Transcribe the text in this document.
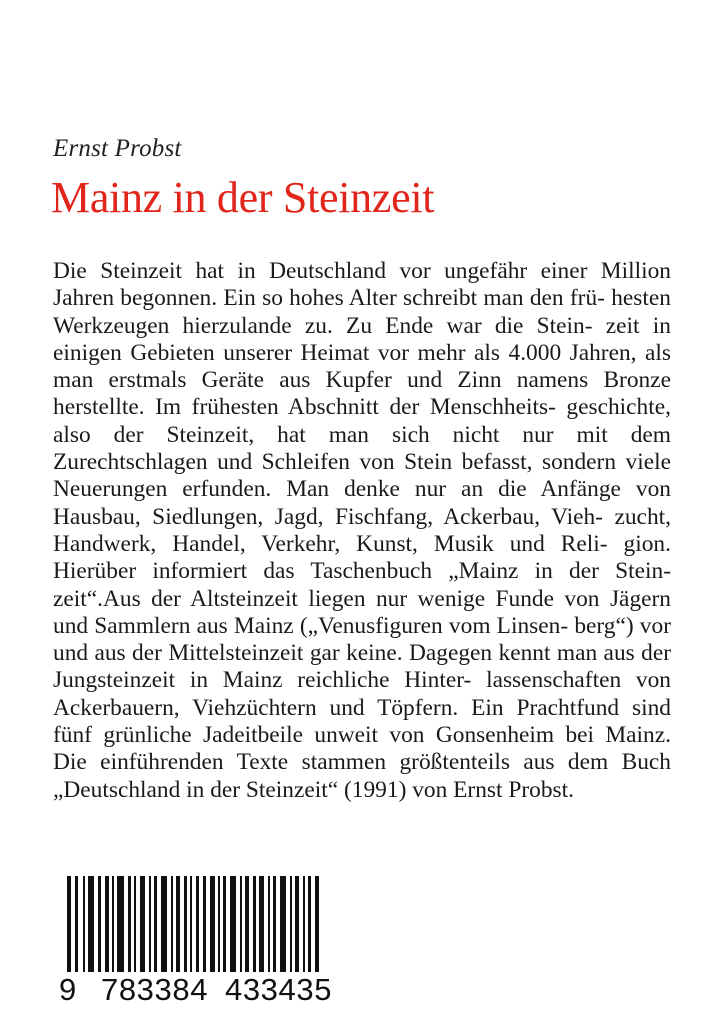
Ernst Probst
Mainz in der Steinzeit

Die Steinzeit hat in Deutschland vor ungefähr einer Million Jahren begonnen. Ein so hohes Alter schreibt man den frü- hesten Werkzeugen hierzulande zu. Zu Ende war die Stein- zeit in einigen Gebieten unserer Heimat vor mehr als 4.000 Jahren, als man erstmals Geräte aus Kupfer und Zinn namens Bronze herstellte. Im frühesten Abschnitt der Menschheits- geschichte, also der Steinzeit, hat man sich nicht nur mit dem Zurechtschlagen und Schleifen von Stein befasst, sondern viele Neuerungen erfunden. Man denke nur an die Anfänge von Hausbau, Siedlungen, Jagd, Fischfang, Ackerbau, Vieh- zucht, Handwerk, Handel, Verkehr, Kunst, Musik und Reli- gion. Hierüber informiert das Taschenbuch „Mainz in der Stein-zeit“.Aus der Altsteinzeit liegen nur wenige Funde von Jägern und Sammlern aus Mainz („Venusfiguren vom Linsen- berg“) vor und aus der Mittelsteinzeit gar keine. Dagegen kennt man aus der Jungsteinzeit in Mainz reichliche Hinter- lassenschaften von Ackerbauern, Viehzüchtern und Töpfern. Ein Prachtfund sind fünf grünliche Jadeitbeile unweit von Gonsenheim bei Mainz. Die einführenden Texte stammen größtenteils aus dem Buch „Deutschland in der Steinzeit“ (1991) von Ernst Probst.

9 783384 433435
